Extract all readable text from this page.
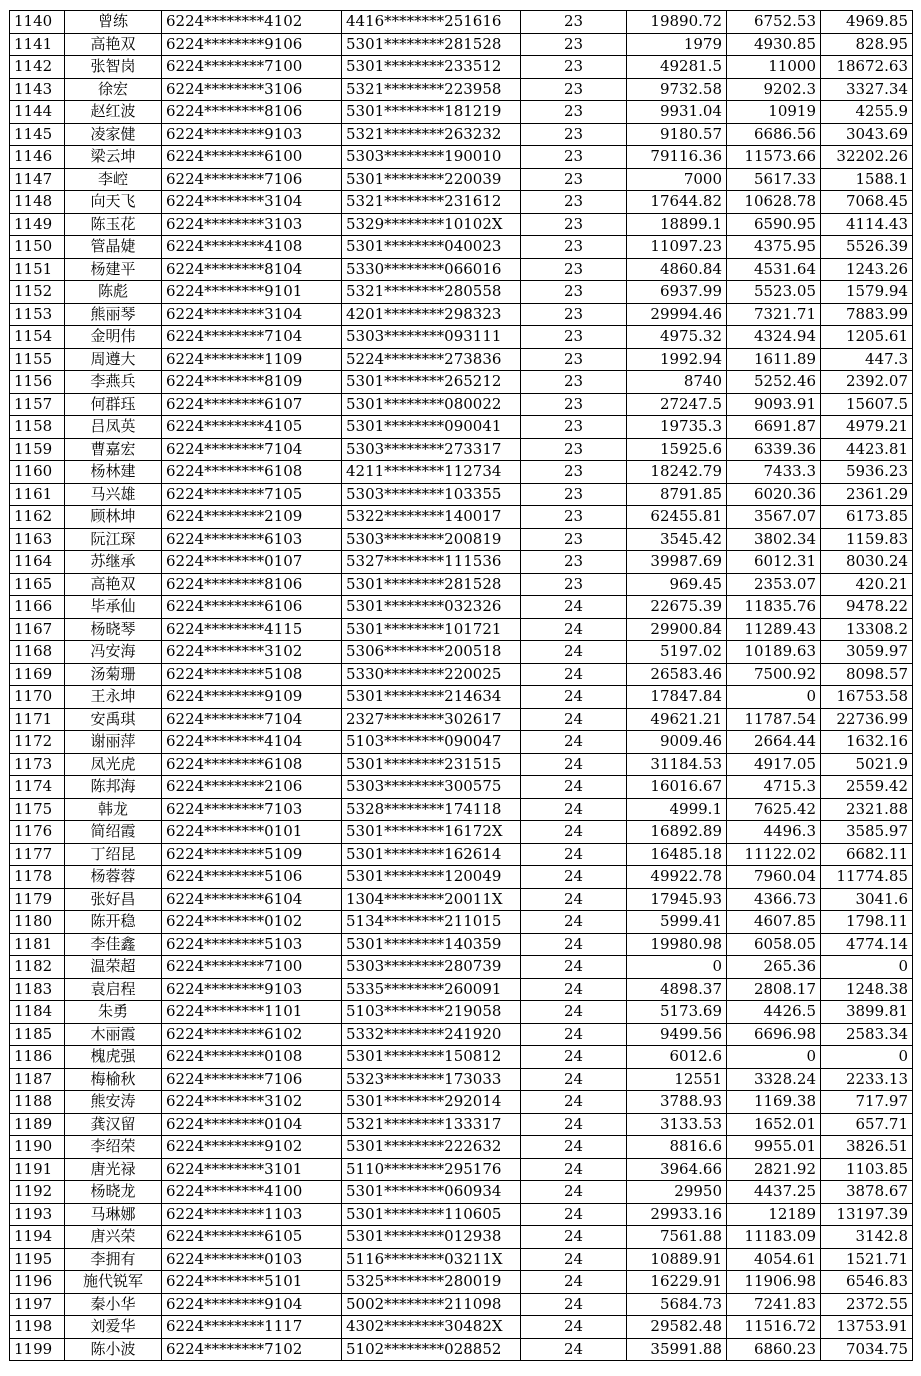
1140	曾练	6224********4102	4416********251616	23	19890.72	6752.53	4969.85
1141	高艳双	6224********9106	5301********281528	23	1979	4930.85	828.95
1142	张智岗	6224********7100	5301********233512	23	49281.5	11000	18672.63
1143	徐宏	6224********3106	5321********223958	23	9732.58	9202.3	3327.34
1144	赵红波	6224********8106	5301********181219	23	9931.04	10919	4255.9
1145	凌家健	6224********9103	5321********263232	23	9180.57	6686.56	3043.69
1146	梁云坤	6224********6100	5303********190010	23	79116.36	11573.66	32202.26
1147	李崆	6224********7106	5301********220039	23	7000	5617.33	1588.1
1148	向天飞	6224********3104	5321********231612	23	17644.82	10628.78	7068.45
1149	陈玉花	6224********3103	5329********10102X	23	18899.1	6590.95	4114.43
1150	管晶婕	6224********4108	5301********040023	23	11097.23	4375.95	5526.39
1151	杨建平	6224********8104	5330********066016	23	4860.84	4531.64	1243.26
1152	陈彪	6224********9101	5321********280558	23	6937.99	5523.05	1579.94
1153	熊丽琴	6224********3104	4201********298323	23	29994.46	7321.71	7883.99
1154	金明伟	6224********7104	5303********093111	23	4975.32	4324.94	1205.61
1155	周遵大	6224********1109	5224********273836	23	1992.94	1611.89	447.3
1156	李燕兵	6224********8109	5301********265212	23	8740	5252.46	2392.07
1157	何群珏	6224********6107	5301********080022	23	27247.5	9093.91	15607.5
1158	吕凤英	6224********4105	5301********090041	23	19735.3	6691.87	4979.21
1159	曹嘉宏	6224********7104	5303********273317	23	15925.6	6339.36	4423.81
1160	杨林建	6224********6108	4211********112734	23	18242.79	7433.3	5936.23
1161	马兴雄	6224********7105	5303********103355	23	8791.85	6020.36	2361.29
1162	顾林坤	6224********2109	5322********140017	23	62455.81	3567.07	6173.85
1163	阮江琛	6224********6103	5303********200819	23	3545.42	3802.34	1159.83
1164	苏继承	6224********0107	5327********111536	23	39987.69	6012.31	8030.24
1165	高艳双	6224********8106	5301********281528	23	969.45	2353.07	420.21
1166	毕承仙	6224********6106	5301********032326	24	22675.39	11835.76	9478.22
1167	杨晓琴	6224********4115	5301********101721	24	29900.84	11289.43	13308.2
1168	冯安海	6224********3102	5306********200518	24	5197.02	10189.63	3059.97
1169	汤菊珊	6224********5108	5330********220025	24	26583.46	7500.92	8098.57
1170	王永坤	6224********9109	5301********214634	24	17847.84	0	16753.58
1171	安禹琪	6224********7104	2327********302617	24	49621.21	11787.54	22736.99
1172	谢丽萍	6224********4104	5103********090047	24	9009.46	2664.44	1632.16
1173	凤光虎	6224********6108	5301********231515	24	31184.53	4917.05	5021.9
1174	陈邦海	6224********2106	5303********300575	24	16016.67	4715.3	2559.42
1175	韩龙	6224********7103	5328********174118	24	4999.1	7625.42	2321.88
1176	简绍霞	6224********0101	5301********16172X	24	16892.89	4496.3	3585.97
1177	丁绍昆	6224********5109	5301********162614	24	16485.18	11122.02	6682.11
1178	杨蓉蓉	6224********5106	5301********120049	24	49922.78	7960.04	11774.85
1179	张好昌	6224********6104	1304********20011X	24	17945.93	4366.73	3041.6
1180	陈开稳	6224********0102	5134********211015	24	5999.41	4607.85	1798.11
1181	李佳鑫	6224********5103	5301********140359	24	19980.98	6058.05	4774.14
1182	温荣超	6224********7100	5303********280739	24	0	265.36	0
1183	袁启程	6224********9103	5335********260091	24	4898.37	2808.17	1248.38
1184	朱勇	6224********1101	5103********219058	24	5173.69	4426.5	3899.81
1185	木丽霞	6224********6102	5332********241920	24	9499.56	6696.98	2583.34
1186	槐虎强	6224********0108	5301********150812	24	6012.6	0	0
1187	梅榆秋	6224********7106	5323********173033	24	12551	3328.24	2233.13
1188	熊安涛	6224********3102	5301********292014	24	3788.93	1169.38	717.97
1189	龚汉留	6224********0104	5321********133317	24	3133.53	1652.01	657.71
1190	李绍荣	6224********9102	5301********222632	24	8816.6	9955.01	3826.51
1191	唐光禄	6224********3101	5110********295176	24	3964.66	2821.92	1103.85
1192	杨晓龙	6224********4100	5301********060934	24	29950	4437.25	3878.67
1193	马琳娜	6224********1103	5301********110605	24	29933.16	12189	13197.39
1194	唐兴荣	6224********6105	5301********012938	24	7561.88	11183.09	3142.8
1195	李拥有	6224********0103	5116********03211X	24	10889.91	4054.61	1521.71
1196	施代锐军	6224********5101	5325********280019	24	16229.91	11906.98	6546.83
1197	秦小华	6224********9104	5002********211098	24	5684.73	7241.83	2372.55
1198	刘爱华	6224********1117	4302********30482X	24	29582.48	11516.72	13753.91
1199	陈小波	6224********7102	5102********028852	24	35991.88	6860.23	7034.75
